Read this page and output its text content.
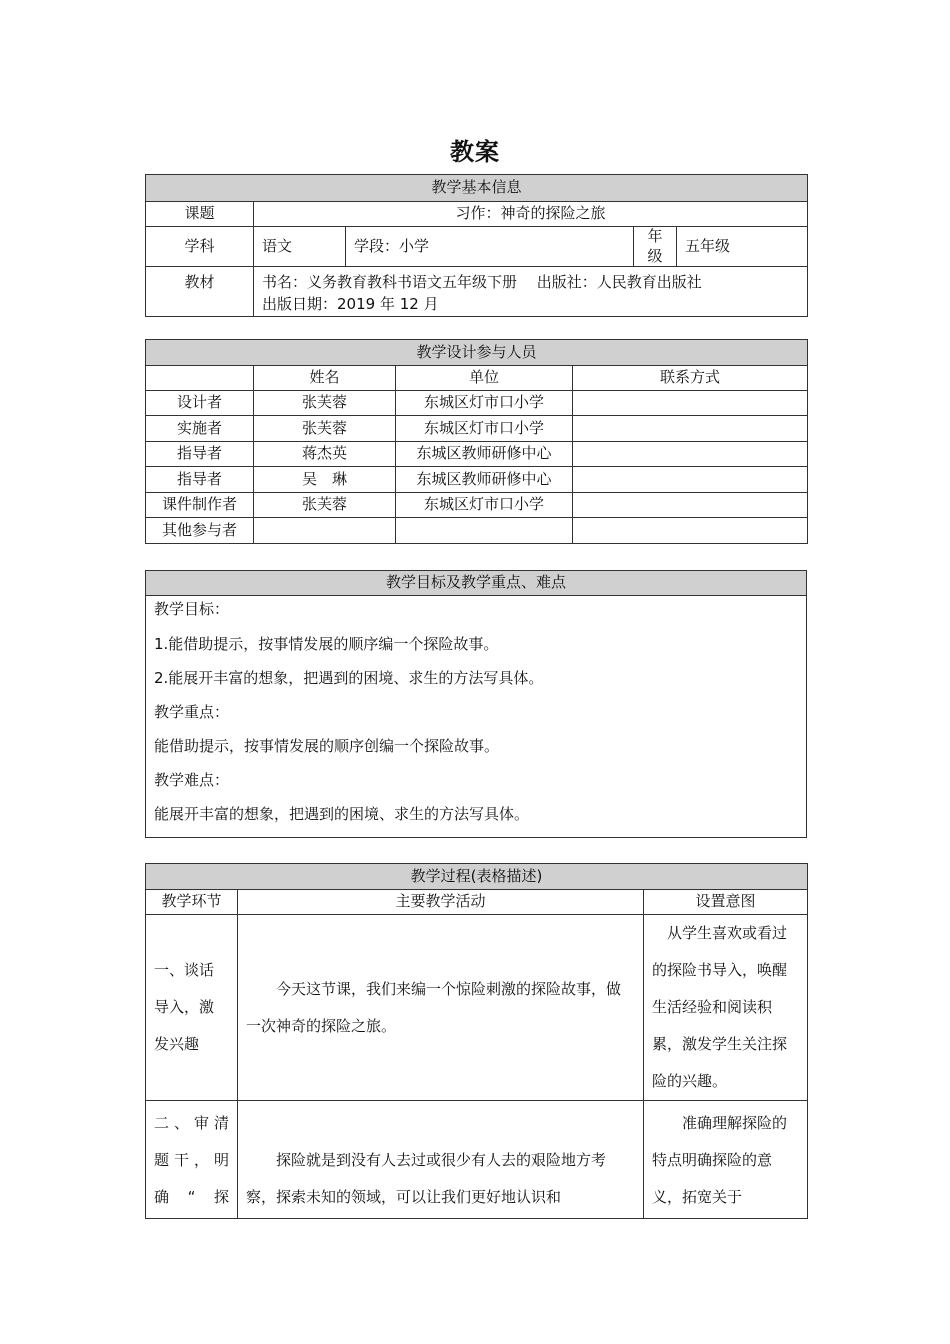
教案
教学基本信息				
课题	习作：神奇的探险之旅			
学科	语文	学段：小学	年级	五年级
教材	书名：义务教育教科书语文五年级下册　 出版社：人民教育出版社
出版日期：2019 年 12 月			
教学设计参与人员			
	姓名	单位	联系方式
设计者	张芙蓉	东城区灯市口小学	
实施者	张芙蓉	东城区灯市口小学	
指导者	蒋杰英	东城区教师研修中心	
指导者	吴　琳	东城区教师研修中心	
课件制作者	张芙蓉	东城区灯市口小学	
其他参与者			
教学目标及教学重点、难点

教学目标：
1.能借助提示，按事情发展的顺序编一个探险故事。
2.能展开丰富的想象，把遇到的困境、求生的方法写具体。
教学重点：
能借助提示，按事情发展的顺序创编一个探险故事。
教学难点：
能展开丰富的想象，把遇到的困境、求生的方法写具体。
教学过程(表格描述)		
教学环节	主要教学活动	设置意图

一、谈话
导入，激
发兴趣	今天这节课，我们来编一个惊险刺激的探险故事，做一次神奇的探险之旅。	从学生喜欢或看过的探险书导入，唤醒生活经验和阅读积累，激发学生关注探险的兴趣。

二、审清
题干，明
确“探	探险就是到没有人去过或很少有人去的艰险地方考察，探索未知的领域，可以让我们更好地认识和	准确理解探险的特点明确探险的意义，拓宽关于
